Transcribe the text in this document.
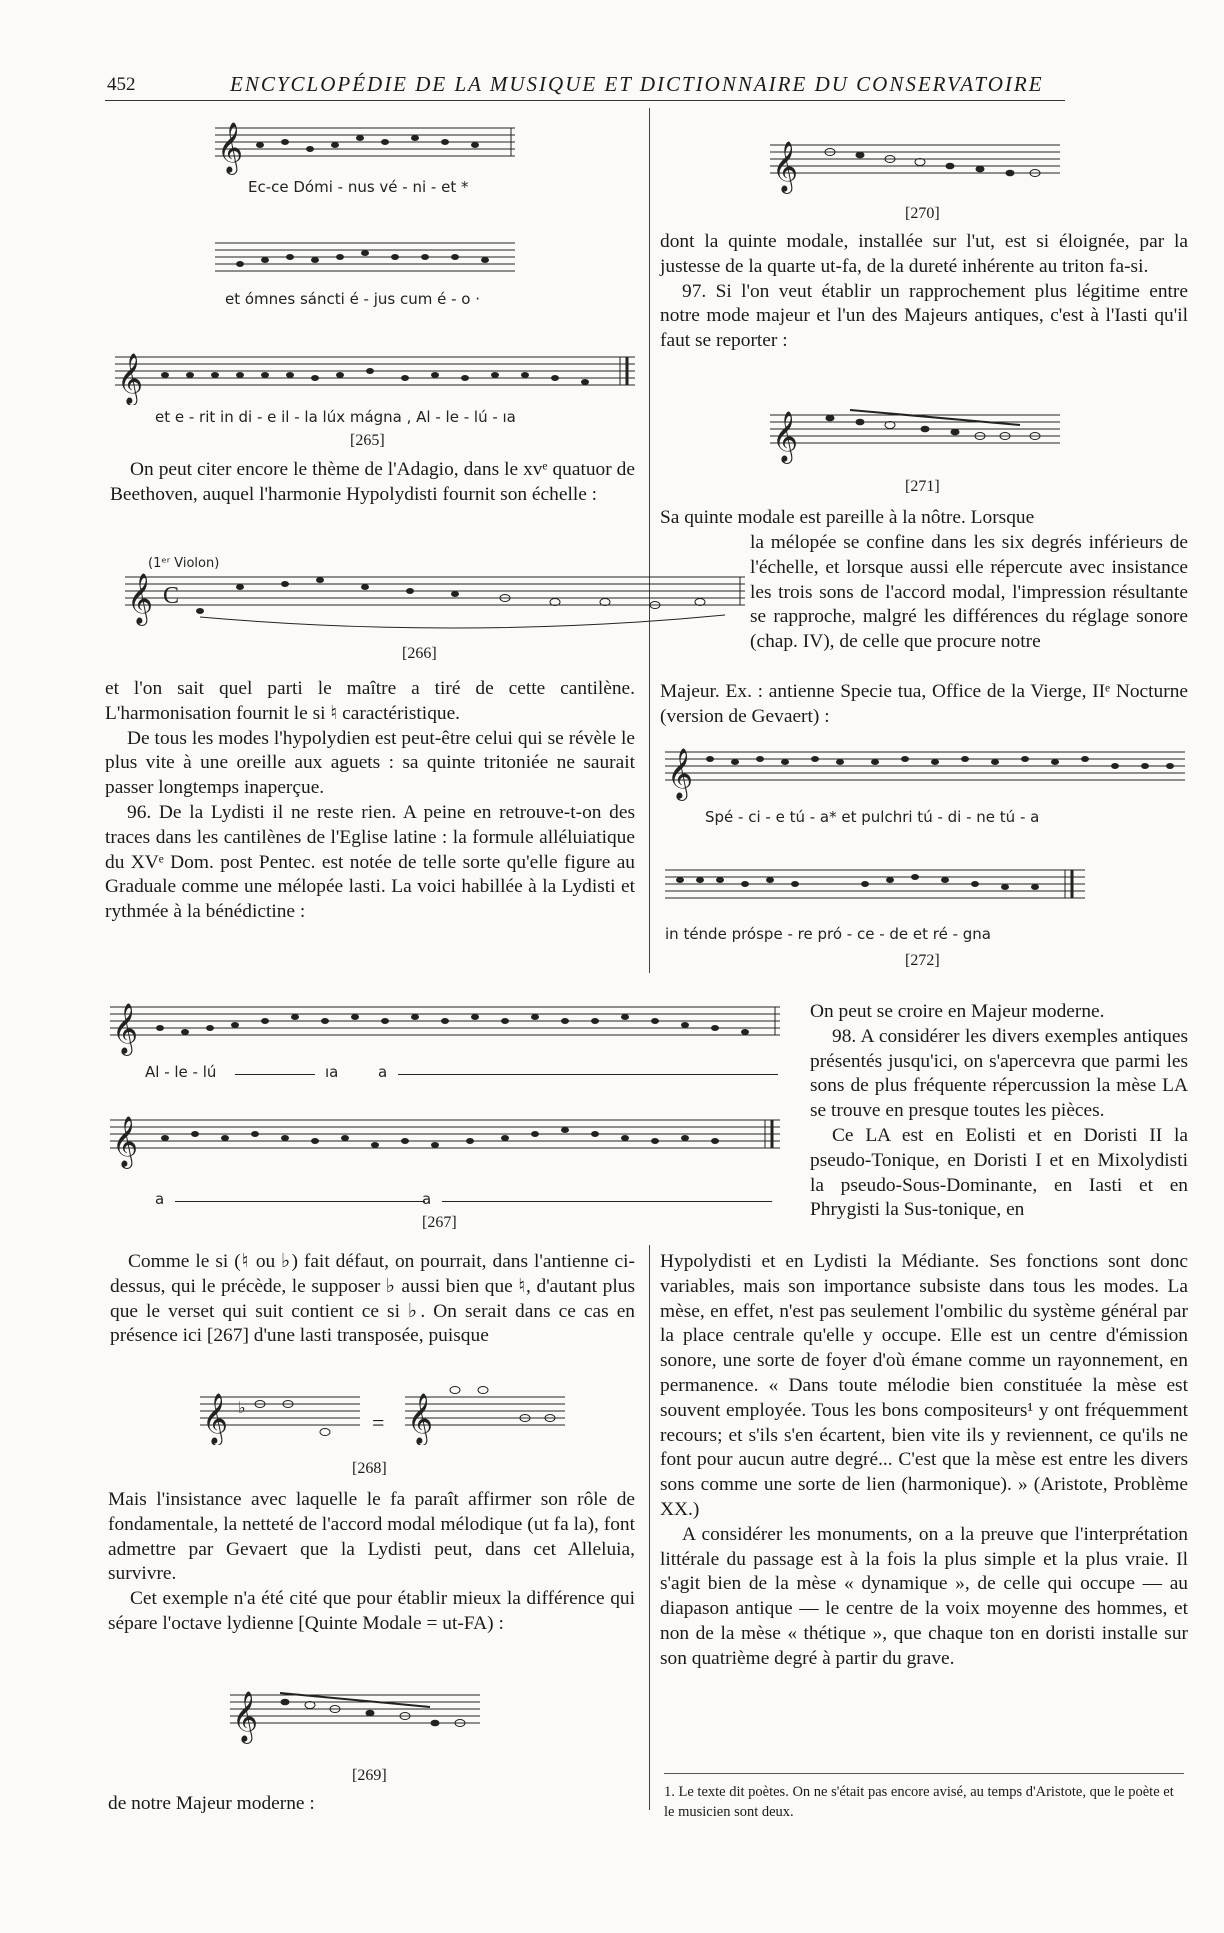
452	ENCYCLOPÉDIE DE LA MUSIQUE ET DICTIONNAIRE DU CONSERVATOIRE
𝄞
Ec-ce Dómi - nus vé - ni - et *
et ómnes sáncti é - jus cum é - o ·
𝄞
et e - rit in di - e il - la lúx mágna , Al - le - lú - ıa
[265]

On peut citer encore le thème de l'Adagio, dans le xvᵉ quatuor de Beethoven, auquel l'harmonie Hypolydisti fournit son échelle :

(1ᵉʳ Violon)
𝄞 C
[266]

et l'on sait quel parti le maître a tiré de cette cantilène. L'harmonisation fournit le si ♮ caractéristique.

De tous les modes l'hypolydien est peut-être celui qui se révèle le plus vite à une oreille aux aguets : sa quinte tritoniée ne saurait passer longtemps inaperçue.

96. De la Lydisti il ne reste rien. A peine en retrouve-t-on des traces dans les cantilènes de l'Eglise latine : la formule alléluiatique du XVᵉ Dom. post Pentec. est notée de telle sorte qu'elle figure au Graduale comme une mélopée lasti. La voici habillée à la Lydisti et rythmée à la bénédictine :

𝄞
Al - le - lú	ıa	a
𝄞
a	a
[267]

Comme le si (♮ ou ♭) fait défaut, on pourrait, dans l'antienne ci-dessus, qui le précède, le supposer ♭ aussi bien que ♮, d'autant plus que le verset qui suit contient ce si ♭. On serait dans ce cas en présence ici [267] d'une lasti transposée, puisque

𝄞 ♭
= 𝄞
[268]

Mais l'insistance avec laquelle le fa paraît affirmer son rôle de fondamentale, la netteté de l'accord modal mélodique (ut fa la), font admettre par Gevaert que la Lydisti peut, dans cet Alleluia, survivre.

Cet exemple n'a été cité que pour établir mieux la différence qui sépare l'octave lydienne [Quinte Modale = ut-FA) :

𝄞
[269]

de notre Majeur moderne :

𝄞
[270]

dont la quinte modale, installée sur l'ut, est si éloignée, par la justesse de la quarte ut-fa, de la dureté inhérente au triton fa-si.

97. Si l'on veut établir un rapprochement plus légitime entre notre mode majeur et l'un des Majeurs antiques, c'est à l'Iasti qu'il faut se reporter :

𝄞
[271]

Sa quinte modale est pareille à la nôtre. Lorsque

la mélopée se confine dans les six degrés inférieurs de l'échelle, et lorsque aussi elle répercute avec insistance les trois sons de l'accord modal, l'impression résultante se rapproche, malgré les différences du réglage sonore (chap. IV), de celle que procure notre

Majeur. Ex. : antienne Specie tua, Office de la Vierge, IIᵉ Nocturne (version de Gevaert) :

𝄞
Spé - ci - e tú - a* et pulchri tú - di - ne tú - a
in ténde próspe - re pró - ce - de et ré - gna
[272]

On peut se croire en Majeur moderne.

98. A considérer les divers exemples antiques présentés jusqu'ici, on s'apercevra que parmi les sons de plus fréquente répercussion la mèse LA se trouve en presque toutes les pièces.

Ce LA est en Eolisti et en Doristi II la pseudo-Tonique, en Doristi I et en Mixolydisti la pseudo-Sous-Dominante, en Iasti et en Phrygisti la Sus-tonique, en

Hypolydisti et en Lydisti la Médiante. Ses fonctions sont donc variables, mais son importance subsiste dans tous les modes. La mèse, en effet, n'est pas seulement l'ombilic du système général par la place centrale qu'elle y occupe. Elle est un centre d'émission sonore, une sorte de foyer d'où émane comme un rayonnement, en permanence. « Dans toute mélodie bien constituée la mèse est souvent employée. Tous les bons compositeurs¹ y ont fréquemment recours; et s'ils s'en écartent, bien vite ils y reviennent, ce qu'ils ne font pour aucun autre degré... C'est que la mèse est entre les divers sons comme une sorte de lien (harmonique). » (Aristote, Problème XX.)

A considérer les monuments, on a la preuve que l'interprétation littérale du passage est à la fois la plus simple et la plus vraie. Il s'agit bien de la mèse « dynamique », de celle qui occupe — au diapason antique — le centre de la voix moyenne des hommes, et non de la mèse « thétique », que chaque ton en doristi installe sur son quatrième degré à partir du grave.

1. Le texte dit poètes. On ne s'était pas encore avisé, au temps d'Aristote, que le poète et le musicien sont deux.
